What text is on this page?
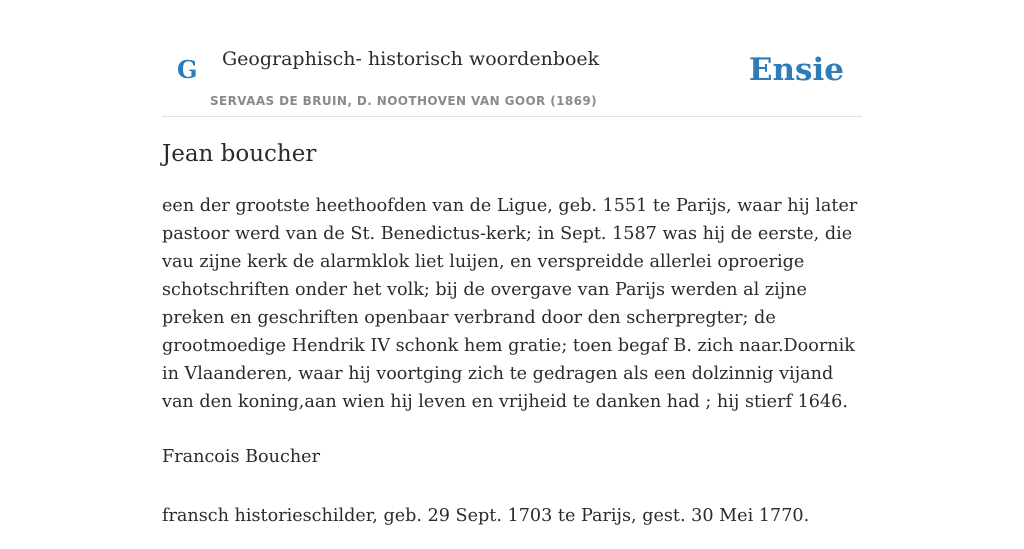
G Geographisch- historisch woordenboek
SERVAAS DE BRUIN, D. NOOTHOVEN VAN GOOR (1869)
Ensie
Jean boucher

een der grootste heethoofden van de Ligue, geb. 1551 te Parijs, waar hij later pastoor werd van de St. Benedictus-kerk; in Sept. 1587 was hij de eerste, die vau zijne kerk de alarmklok liet luijen, en verspreidde allerlei oproerige schotschriften onder het volk; bij de overgave van Parijs werden al zijne preken en geschriften openbaar verbrand door den scherpregter; de grootmoedige Hendrik IV schonk hem gratie; toen begaf B. zich naar.Doornik in Vlaanderen, waar hij voortging zich te gedragen als een dolzinnig vijand van den koning,aan wien hij leven en vrijheid te danken had ; hij stierf 1646.

Francois Boucher

fransch historieschilder, geb. 29 Sept. 1703 te Parijs, gest. 30 Mei 1770.
